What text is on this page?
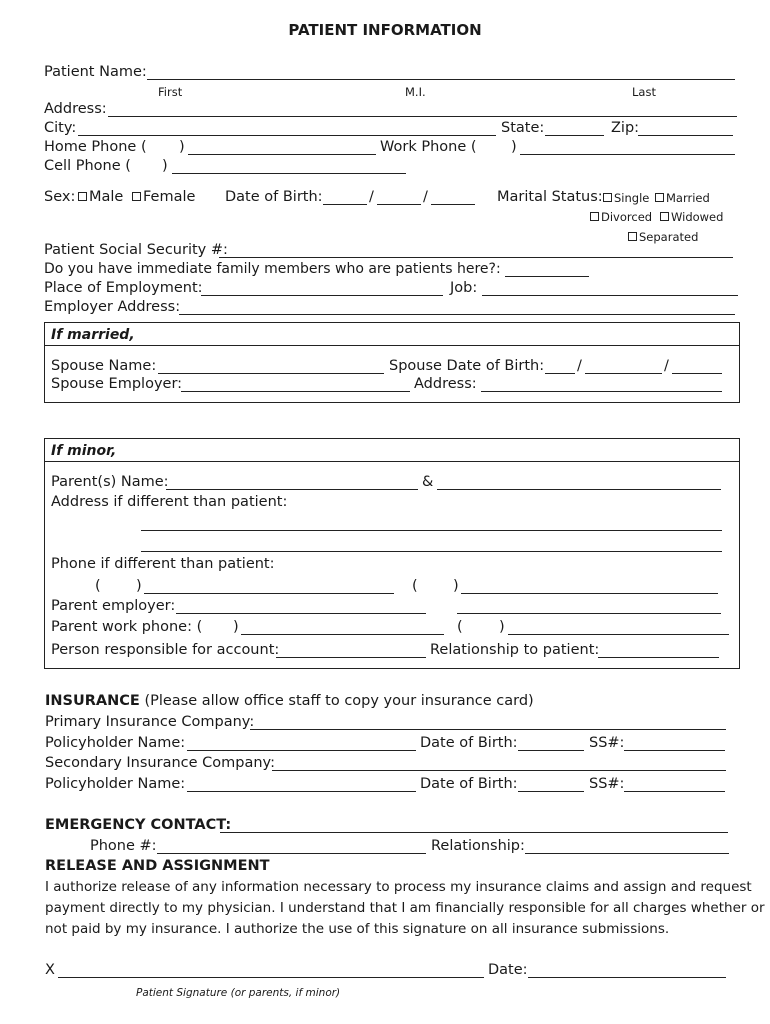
PATIENT INFORMATION
Patient Name:
First	M.I.	Last
Address:
City:	State:	Zip:
Home Phone ( )	Work Phone ( )
Cell Phone ( )
Sex: Male	Female Date of Birth:	/	/	Marital Status: Single	Married
Divorced	Widowed
Separated
Patient Social Security #:
Do you have immediate family members who are patients here?:
Place of Employment:	Job:
Employer Address:
If married,
Spouse Name:	Spouse Date of Birth: /	/
Spouse Employer:	Address:
If minor,
Parent(s) Name:	&
Address if different than patient:
Phone if different than patient:
( )	( )
Parent employer:
Parent work phone: ( )	(	)
Person responsible for account:	Relationship to patient:
INSURANCE (Please allow office staff to copy your insurance card)
Primary Insurance Company:
Policyholder Name:	Date of Birth:	SS#:
Secondary Insurance Company:
Policyholder Name:	Date of Birth:	SS#:
EMERGENCY CONTACT:
Phone #:	Relationship:
RELEASE AND ASSIGNMENT
I authorize release of any information necessary to process my insurance claims and assign and request
payment directly to my physician. I understand that I am financially responsible for all charges whether or
not paid by my insurance. I authorize the use of this signature on all insurance submissions.
X	Date:
Patient Signature (or parents, if minor)
